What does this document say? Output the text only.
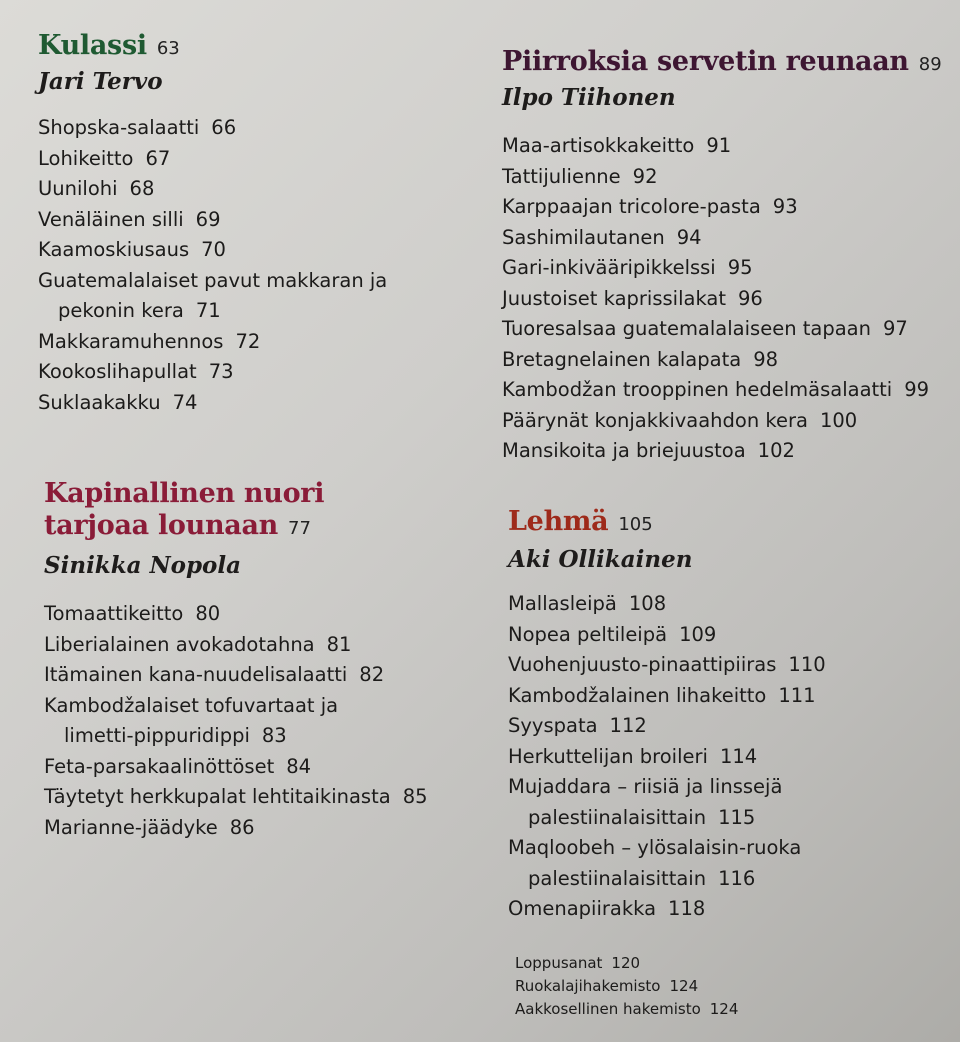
Kulassi 63
Jari Tervo
Shopska-salaatti 66
Lohikeitto 67
Uunilohi 68
Venäläinen silli 69
Kaamoskiusaus 70
Guatemalalaiset pavut makkaran ja
pekonin kera 71
Makkaramuhennos 72
Kookoslihapullat 73
Suklaakakku 74
Kapinallinen nuori
tarjoaa lounaan 77
Sinikka Nopola
Tomaattikeitto 80
Liberialainen avokadotahna 81
Itämainen kana-nuudelisalaatti 82
Kambodžalaiset tofuvartaat ja
limetti-pippuridippi 83
Feta-parsakaalinöttöset 84
Täytetyt herkkupalat lehtitaikinasta 85
Marianne-jäädyke 86
Piirroksia servetin reunaan 89
Ilpo Tiihonen
Maa-artisokkakeitto 91
Tattijulienne 92
Karppaajan tricolore-pasta 93
Sashimilautanen 94
Gari-inkivääripikkelssi 95
Juustoiset kaprissilakat 96
Tuoresalsaa guatemalalaiseen tapaan 97
Bretagnelainen kalapata 98
Kambodžan trooppinen hedelmäsalaatti 99
Päärynät konjakkivaahdon kera 100
Mansikoita ja briejuustoa 102
Lehmä 105
Aki Ollikainen
Mallasleipä 108
Nopea peltileipä 109
Vuohenjuusto-pinaattipiiras 110
Kambodžalainen lihakeitto 111
Syyspata 112
Herkuttelijan broileri 114
Mujaddara – riisiä ja linssejä
palestiinalaisittain 115
Maqloobeh – ylösalaisin-ruoka
palestiinalaisittain 116
Omenapiirakka 118
Loppusanat 120
Ruokalajihakemisto 124
Aakkosellinen hakemisto 124
